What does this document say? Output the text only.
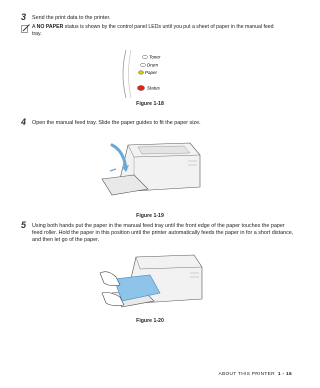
3 Send the print data to the printer.
A NO PAPER status is shown by the control panel LEDs until you put a sheet of paper in the manual feed tray.
Toner
Drum
Paper
Status
Figure 1-18
4 Open the manual feed tray. Slide the paper guides to fit the paper size.
Figure 1-19
5 Using both hands put the paper in the manual feed tray until the front edge of the paper touches the paper feed roller. Hold the paper in this position until the printer automatically feeds the paper in for a short distance, and then let go of the paper.
Figure 1-20
ABOUT THIS PRINTER 1 - 16
